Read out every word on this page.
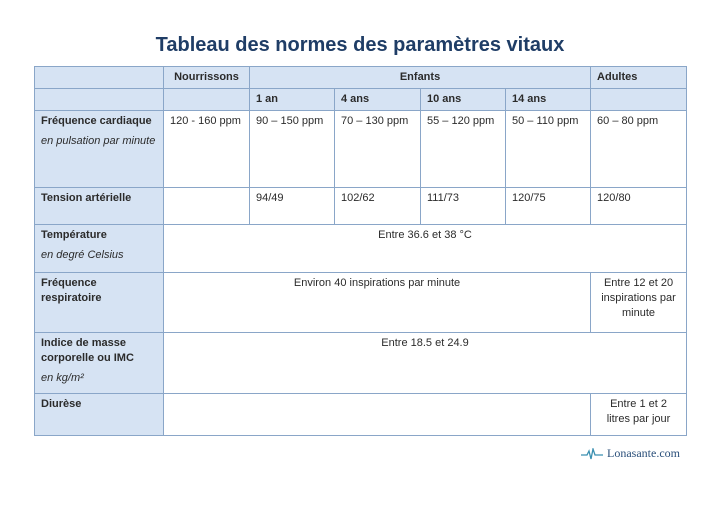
Tableau des normes des paramètres vitaux
	Nourrissons	Enfants				Adultes
		1 an	4 ans	10 ans	14 ans	
Fréquence cardiaque
en pulsation par minute	120 - 160 ppm	90 – 150 ppm	70 – 130 ppm	55 – 120 ppm	50 – 110 ppm	60 – 80 ppm
Tension artérielle		94/49	102/62	111/73	120/75	120/80
Température
en degré Celsius	Entre 36.6 et 38 °C					
Fréquence respiratoire	Environ 40 inspirations par minute					Entre 12 et 20 inspirations par minute
Indice de masse corporelle ou IMC
en kg/m²	Entre 18.5 et 24.9					
Diurèse						Entre 1 et 2 litres par jour
Lonasante.com
